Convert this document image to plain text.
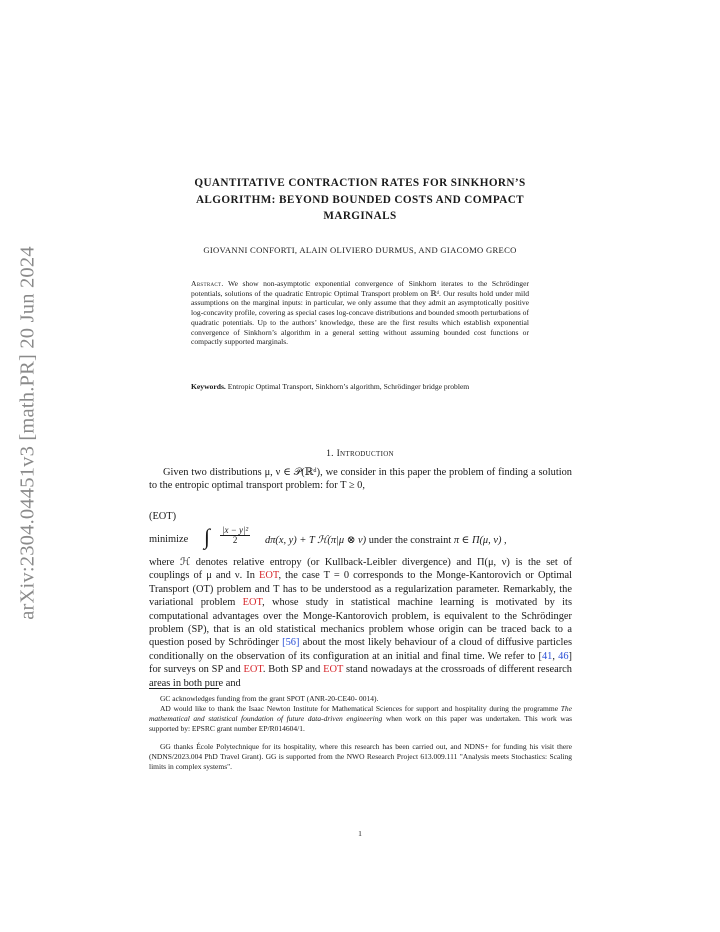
arXiv:2304.04451v3 [math.PR] 20 Jun 2024
QUANTITATIVE CONTRACTION RATES FOR SINKHORN’S
ALGORITHM: BEYOND BOUNDED COSTS AND COMPACT
MARGINALS
GIOVANNI CONFORTI, ALAIN OLIVIERO DURMUS, AND GIACOMO GRECO
Abstract. We show non-asymptotic exponential convergence of Sinkhorn iterates to the Schrödinger potentials, solutions of the quadratic Entropic Optimal Transport problem on ℝᵈ. Our results hold under mild assumptions on the marginal inputs: in particular, we only assume that they admit an asymptotically positive log-concavity profile, covering as special cases log-concave distributions and bounded smooth perturbations of quadratic potentials. Up to the authors’ knowledge, these are the first results which establish exponential convergence of Sinkhorn’s algorithm in a general setting without assuming bounded cost functions or compactly supported marginals.
Keywords. Entropic Optimal Transport, Sinkhorn’s algorithm, Schrödinger bridge problem
1. Introduction
Given two distributions μ, ν ∈ 𝒫(ℝᵈ), we consider in this paper the problem of finding a solution to the entropic optimal transport problem: for T ≥ 0,
(EOT)
minimize ∫ $\frac{\text{|x − y|²}}{2} d\pi(x$, y) + T ℋ(π|μ ⊗ ν) under the constraint π ∈ Π(μ, ν) ,
where ℋ denotes relative entropy (or Kullback-Leibler divergence) and Π(μ, ν) is the set of couplings of μ and ν. In EOT, the case T = 0 corresponds to the Monge-Kantorovich or Optimal Transport (OT) problem and T has to be understood as a regularization parameter. Remarkably, the variational problem EOT, whose study in statistical machine learning is motivated by its computational advantages over the Monge-Kantorovich problem, is equivalent to the Schrödinger problem (SP), that is an old statistical mechanics problem whose origin can be traced back to a question posed by Schrödinger [56] about the most likely behaviour of a cloud of diffusive particles conditionally on the observation of its configuration at an initial and final time. We refer to [41, 46] for surveys on SP and EOT. Both SP and EOT stand nowadays at the crossroads of different research areas in both pure and
GC acknowledges funding from the grant SPOT (ANR-20-CE40- 0014).
AD would like to thank the Isaac Newton Institute for Mathematical Sciences for support and hospitality during the programme The mathematical and statistical foundation of future data-driven engineering when work on this paper was undertaken. This work was supported by: EPSRC grant number EP/R014604/1.
GG thanks École Polytechnique for its hospitality, where this research has been carried out, and NDNS+ for funding his visit there (NDNS/2023.004 PhD Travel Grant). GG is supported from the NWO Research Project 613.009.111 "Analysis meets Stochastics: Scaling limits in complex systems".
1
